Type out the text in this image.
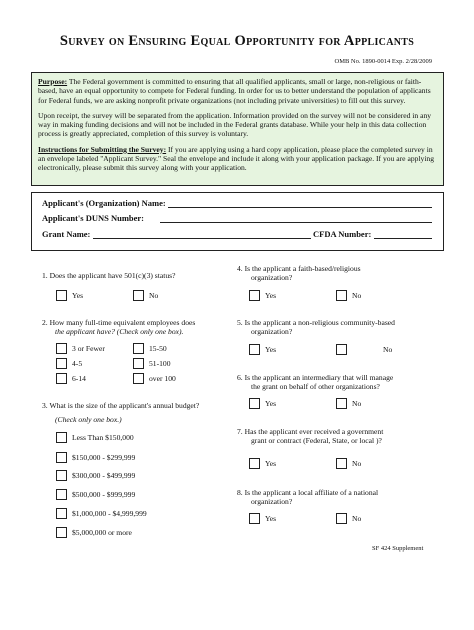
Survey on Ensuring Equal Opportunity for Applicants
OMB No. 1890-0014 Exp. 2/28/2009

Purpose: The Federal government is committed to ensuring that all qualified applicants, small or large, non-religious or faith-based, have an equal opportunity to compete for Federal funding. In order for us to better understand the population of applicants for Federal funds, we are asking nonprofit private organizations (not including private universities) to fill out this survey.

Upon receipt, the survey will be separated from the application. Information provided on the survey will not be considered in any way in making funding decisions and will not be included in the Federal grants database. While your help in this data collection process is greatly appreciated, completion of this survey is voluntary.

Instructions for Submitting the Survey: If you are applying using a hard copy application, please place the completed survey in an envelope labeled "Applicant Survey." Seal the envelope and include it along with your application package. If you are applying electronically, please submit this survey along with your application.

Applicant's (Organization) Name:
Applicant's DUNS Number:
Grant Name:	CFDA Number:
1. Does the applicant have 501(c)(3) status?
Yes	No
2. How many full-time equivalent employees does
the applicant have? (Check only one box).
3 or Fewer	15-50
4-5	51-100
6-14	over 100
3. What is the size of the applicant's annual budget?
(Check only one box.)
Less Than $150,000
$150,000 - $299,999
$300,000 - $499,999
$500,000 - $999,999
$1,000,000 - $4,999,999
$5,000,000 or more
4. Is the applicant a faith-based/religious
organization?
Yes	No
5. Is the applicant a non-religious community-based
organization?
Yes	No
6. Is the applicant an intermediary that will manage
the grant on behalf of other organizations?
Yes	No
7. Has the applicant ever received a government
grant or contract (Federal, State, or local )?
Yes	No
8. Is the applicant a local affiliate of a national
organization?
Yes	No
SF 424 Supplement
